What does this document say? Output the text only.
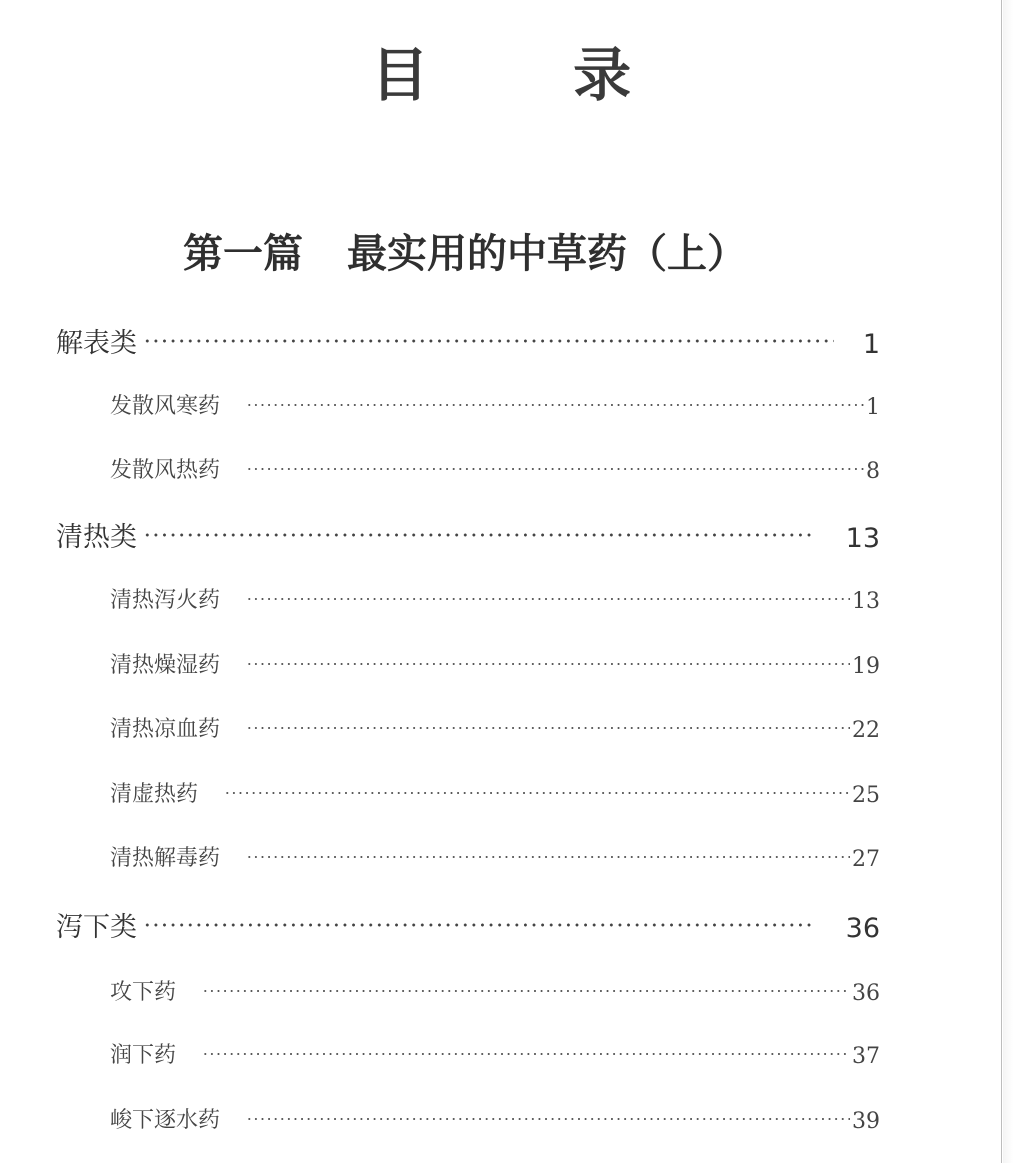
目 录
第一篇 最实用的中草药（上）
解表类	1
发散风寒药	1
发散风热药	8
清热类	13
清热泻火药	13
清热燥湿药	19
清热凉血药	22
清虚热药	25
清热解毒药	27
泻下类	36
攻下药	36
润下药	37
峻下逐水药	39
